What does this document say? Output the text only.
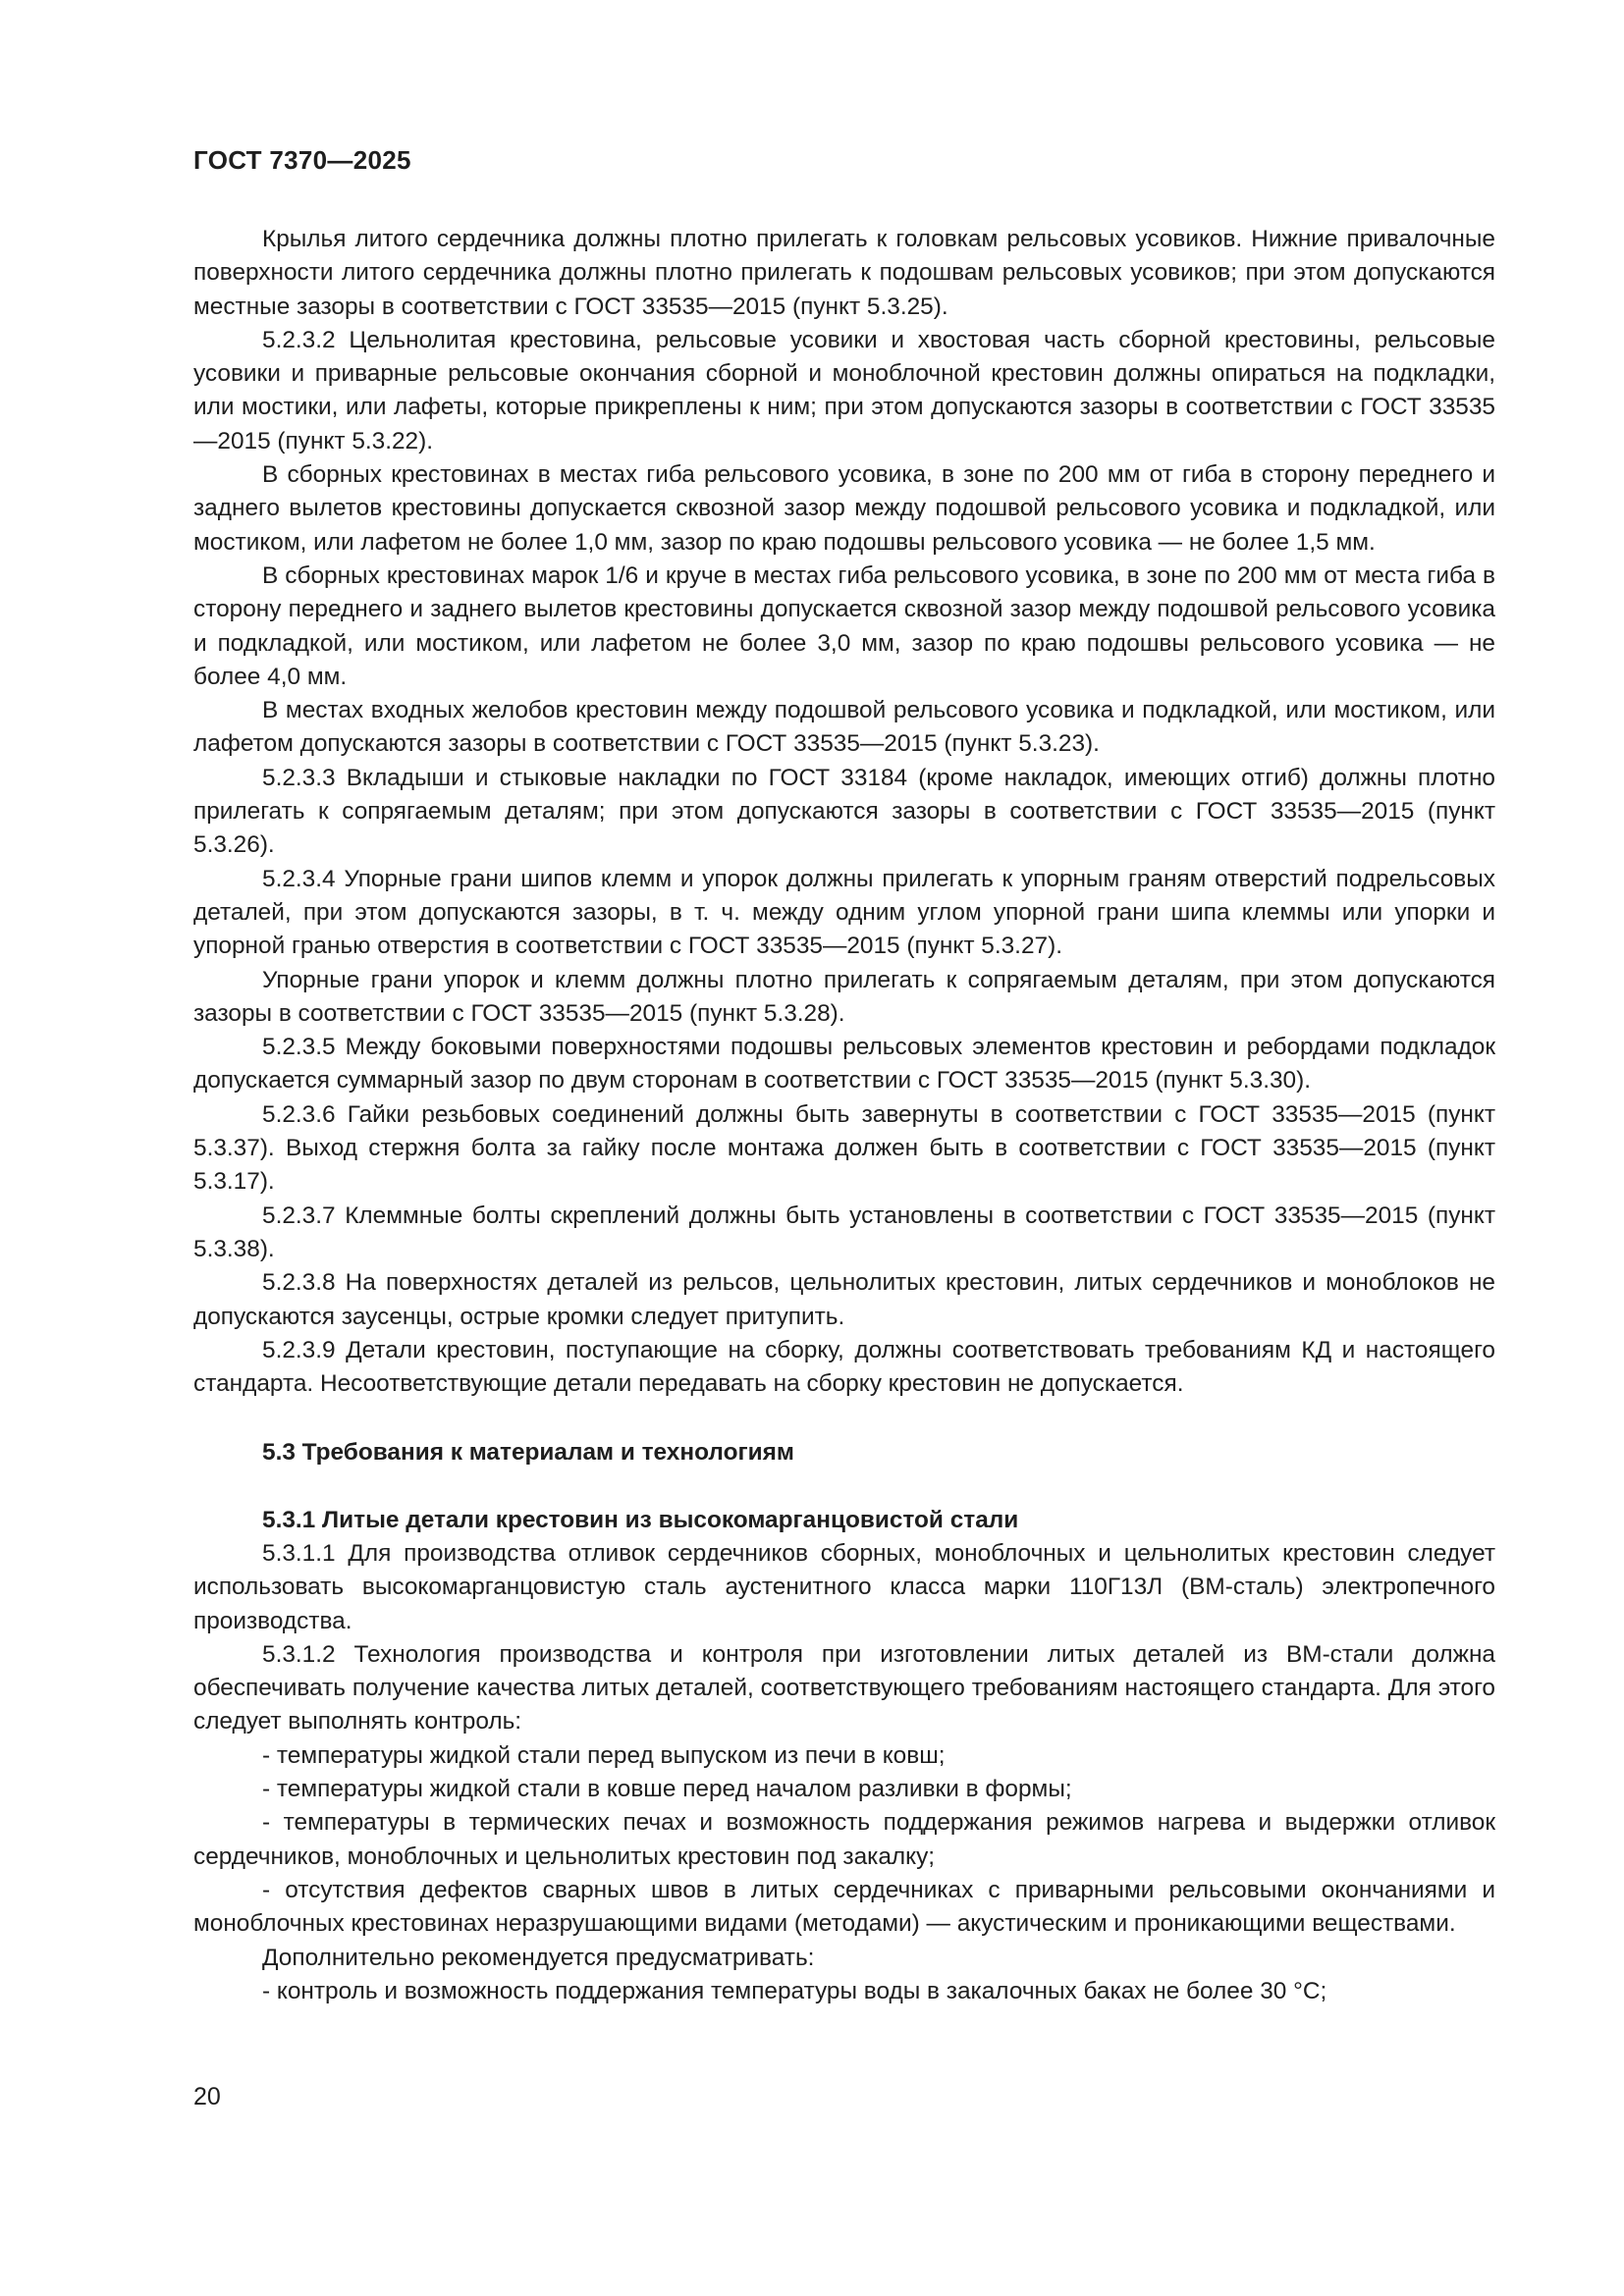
ГОСТ 7370—2025

Крылья литого сердечника должны плотно прилегать к головкам рельсовых усовиков. Нижние привалочные поверхности литого сердечника должны плотно прилегать к подошвам рельсовых усовиков; при этом допускаются местные зазоры в соответствии с ГОСТ 33535—2015 (пункт 5.3.25).

5.2.3.2 Цельнолитая крестовина, рельсовые усовики и хвостовая часть сборной крестовины, рельсовые усовики и приварные рельсовые окончания сборной и моноблочной крестовин должны опираться на подкладки, или мостики, или лафеты, которые прикреплены к ним; при этом допускаются зазоры в соответствии с ГОСТ 33535—2015 (пункт 5.3.22).

В сборных крестовинах в местах гиба рельсового усовика, в зоне по 200 мм от гиба в сторону переднего и заднего вылетов крестовины допускается сквозной зазор между подошвой рельсового усовика и подкладкой, или мостиком, или лафетом не более 1,0 мм, зазор по краю подошвы рельсового усовика — не более 1,5 мм.

В сборных крестовинах марок 1/6 и круче в местах гиба рельсового усовика, в зоне по 200 мм от места гиба в сторону переднего и заднего вылетов крестовины допускается сквозной зазор между подошвой рельсового усовика и подкладкой, или мостиком, или лафетом не более 3,0 мм, зазор по краю подошвы рельсового усовика — не более 4,0 мм.

В местах входных желобов крестовин между подошвой рельсового усовика и подкладкой, или мостиком, или лафетом допускаются зазоры в соответствии с ГОСТ 33535—2015 (пункт 5.3.23).

5.2.3.3 Вкладыши и стыковые накладки по ГОСТ 33184 (кроме накладок, имеющих отгиб) должны плотно прилегать к сопрягаемым деталям; при этом допускаются зазоры в соответствии с ГОСТ 33535—2015 (пункт 5.3.26).

5.2.3.4 Упорные грани шипов клемм и упорок должны прилегать к упорным граням отверстий подрельсовых деталей, при этом допускаются зазоры, в т. ч. между одним углом упорной грани шипа клеммы или упорки и упорной гранью отверстия в соответствии с ГОСТ 33535—2015 (пункт 5.3.27).

Упорные грани упорок и клемм должны плотно прилегать к сопрягаемым деталям, при этом допускаются зазоры в соответствии с ГОСТ 33535—2015 (пункт 5.3.28).

5.2.3.5 Между боковыми поверхностями подошвы рельсовых элементов крестовин и ребордами подкладок допускается суммарный зазор по двум сторонам в соответствии с ГОСТ 33535—2015 (пункт 5.3.30).

5.2.3.6 Гайки резьбовых соединений должны быть завернуты в соответствии с ГОСТ 33535—2015 (пункт 5.3.37). Выход стержня болта за гайку после монтажа должен быть в соответствии с ГОСТ 33535—2015 (пункт 5.3.17).

5.2.3.7 Клеммные болты скреплений должны быть установлены в соответствии с ГОСТ 33535—2015 (пункт 5.3.38).

5.2.3.8 На поверхностях деталей из рельсов, цельнолитых крестовин, литых сердечников и моноблоков не допускаются заусенцы, острые кромки следует притупить.

5.2.3.9 Детали крестовин, поступающие на сборку, должны соответствовать требованиям КД и настоящего стандарта. Несоответствующие детали передавать на сборку крестовин не допускается.

5.3 Требования к материалам и технологиям
5.3.1 Литые детали крестовин из высокомарганцовистой стали

5.3.1.1 Для производства отливок сердечников сборных, моноблочных и цельнолитых крестовин следует использовать высокомарганцовистую сталь аустенитного класса марки 110Г13Л (ВМ-сталь) электропечного производства.

5.3.1.2 Технология производства и контроля при изготовлении литых деталей из ВМ-стали должна обеспечивать получение качества литых деталей, соответствующего требованиям настоящего стандарта. Для этого следует выполнять контроль:

- температуры жидкой стали перед выпуском из печи в ковш;

- температуры жидкой стали в ковше перед началом разливки в формы;

- температуры в термических печах и возможность поддержания режимов нагрева и выдержки отливок сердечников, моноблочных и цельнолитых крестовин под закалку;

- отсутствия дефектов сварных швов в литых сердечниках с приварными рельсовыми окончаниями и моноблочных крестовинах неразрушающими видами (методами) — акустическим и проникающими веществами.

Дополнительно рекомендуется предусматривать:

- контроль и возможность поддержания температуры воды в закалочных баках не более 30 °С;

20
